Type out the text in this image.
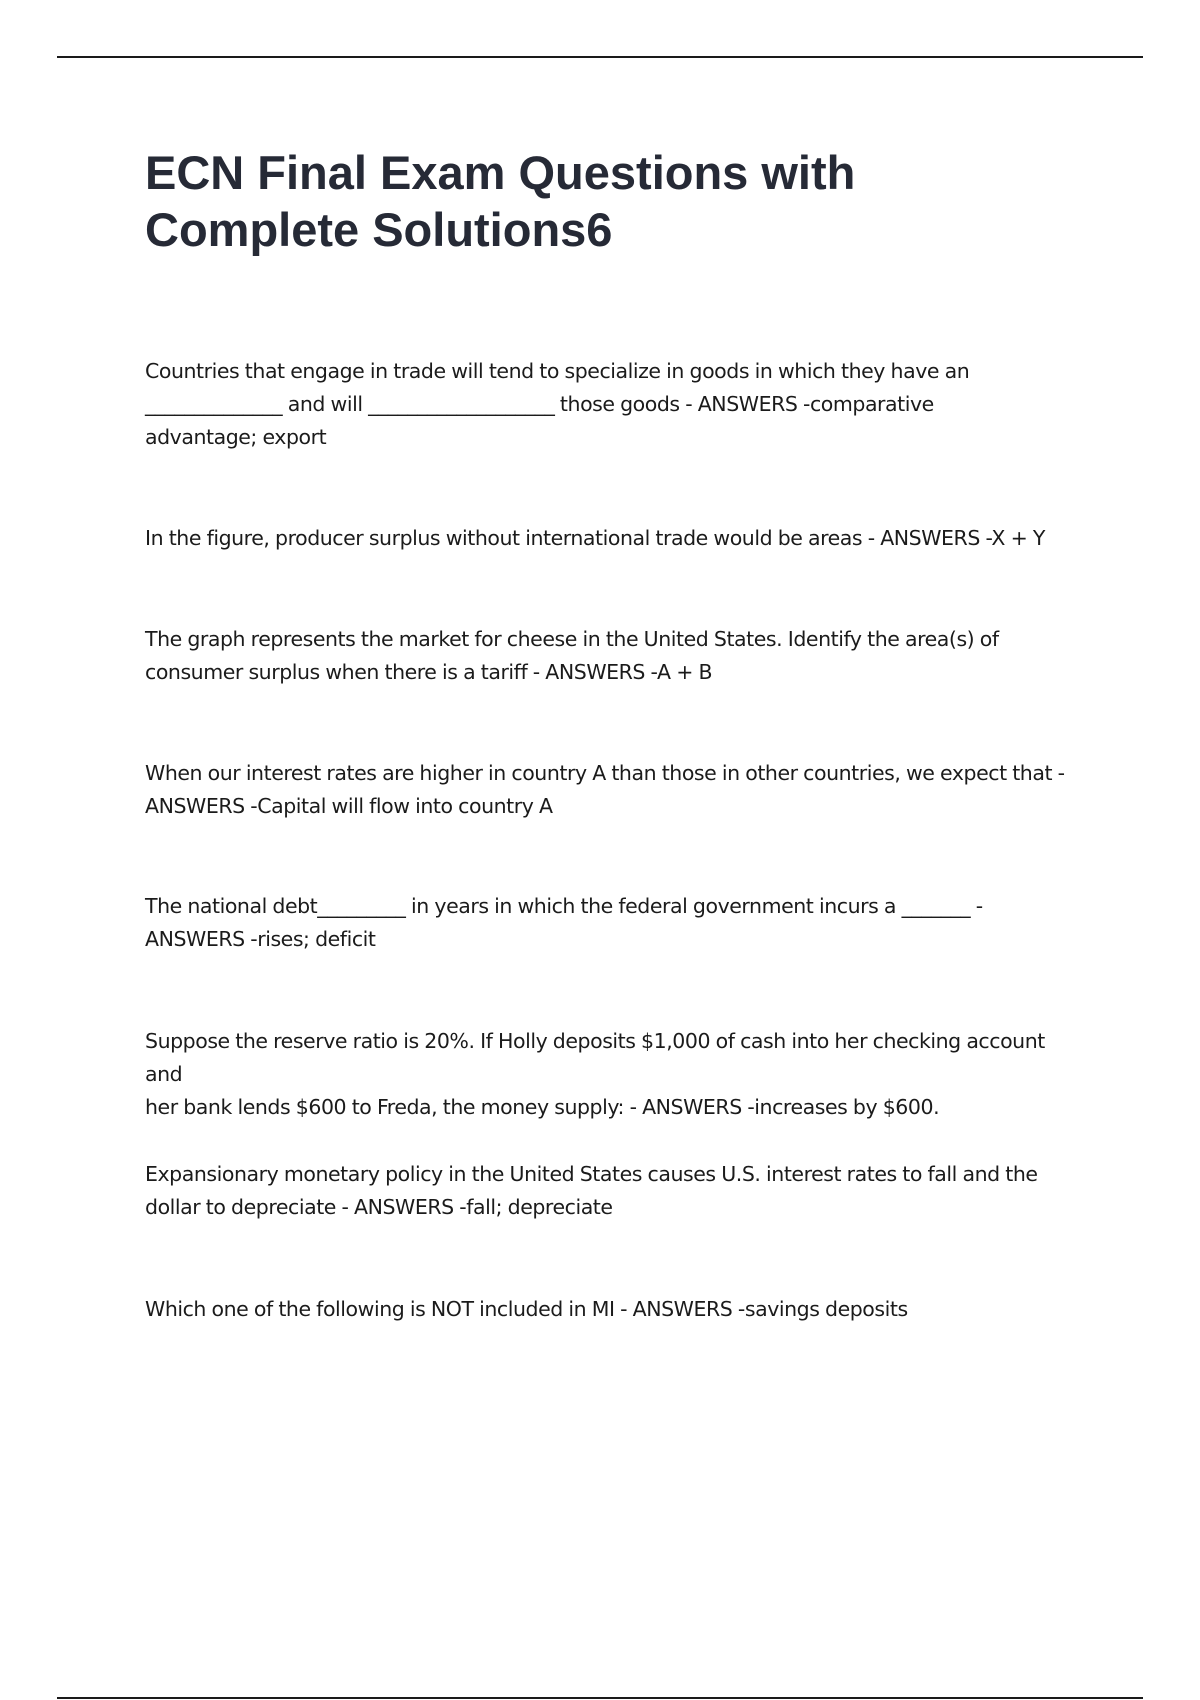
ECN Final Exam Questions with
Complete Solutions6

Countries that engage in trade will tend to specialize in goods in which they have an
______________ and will ___________________ those goods - ANSWERS -comparative
advantage; export

In the figure, producer surplus without international trade would be areas - ANSWERS -X + Y

The graph represents the market for cheese in the United States. Identify the area(s) of
consumer surplus when there is a tariff - ANSWERS -A + B

When our interest rates are higher in country A than those in other countries, we expect that -
ANSWERS -Capital will flow into country A

The national debt_________ in years in which the federal government incurs a _______ -
ANSWERS -rises; deficit

Suppose the reserve ratio is 20%. If Holly deposits $1,000 of cash into her checking account and
her bank lends $600 to Freda, the money supply: - ANSWERS -increases by $600.

Expansionary monetary policy in the United States causes U.S. interest rates to fall and the
dollar to depreciate - ANSWERS -fall; depreciate

Which one of the following is NOT included in MI - ANSWERS -savings deposits
